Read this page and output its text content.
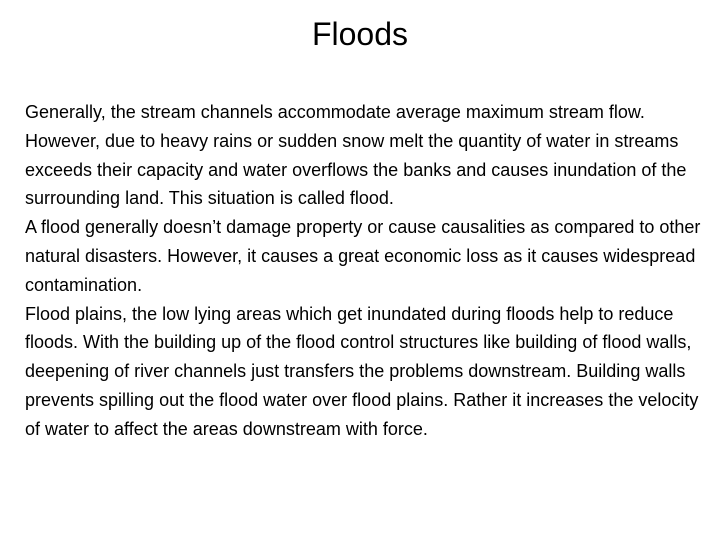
Floods

Generally, the stream channels accommodate average maximum stream flow. However, due to heavy rains or sudden snow melt the quantity of water in streams exceeds their capacity and water overflows the banks and causes inundation of the surrounding land. This situation is called flood.

A flood generally doesn’t damage property or cause causalities as compared to other natural disasters. However, it causes a great economic loss as it causes widespread contamination.

Flood plains, the low lying areas which get inundated during floods help to reduce floods. With the building up of the flood control structures like building of flood walls, deepening of river channels just transfers the problems downstream. Building walls prevents spilling out the flood water over flood plains. Rather it increases the velocity of water to affect the areas downstream with force.
